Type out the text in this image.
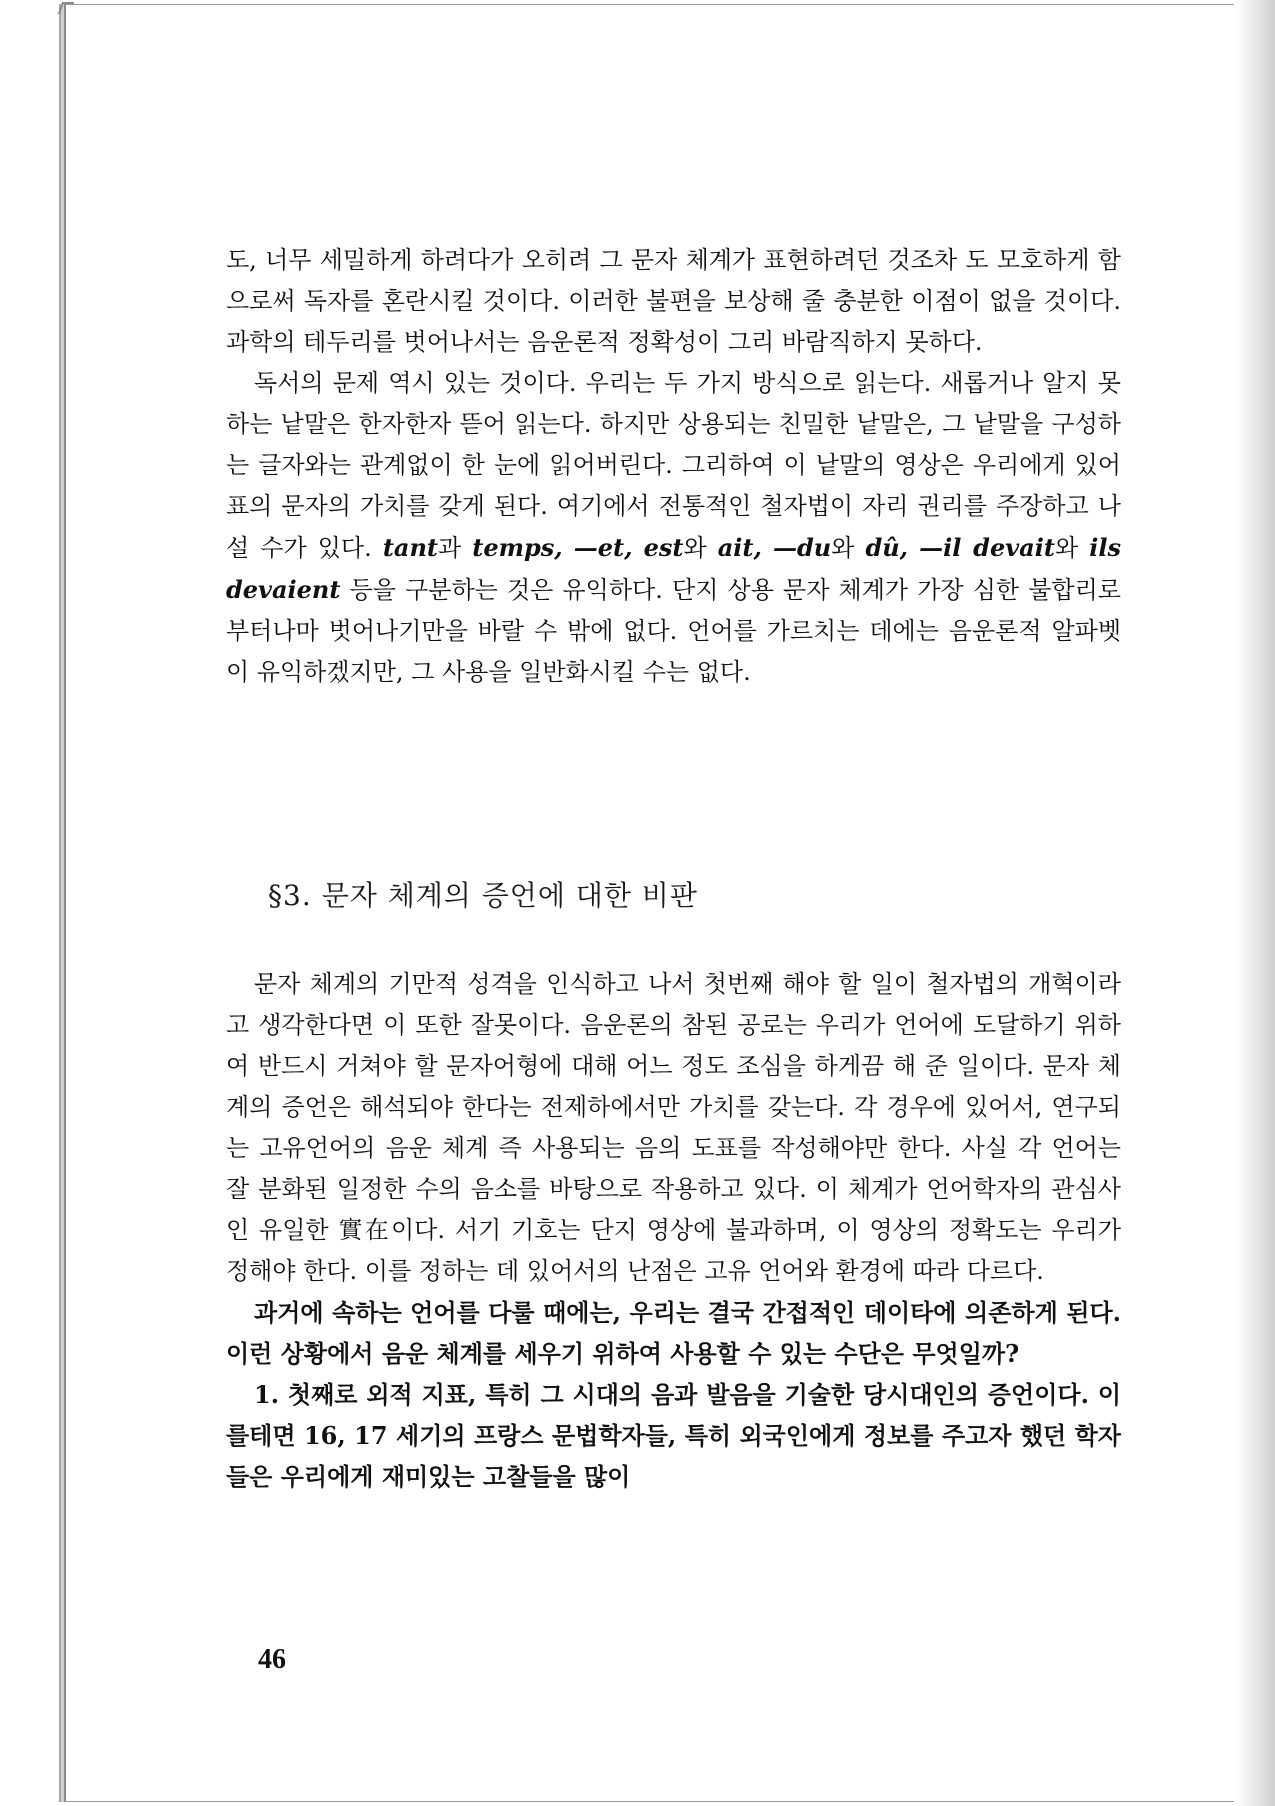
도, 너무 세밀하게 하려다가 오히려 그 문자 체계가 표현하려던 것조차 도 모호하게 함으로써 독자를 혼란시킬 것이다. 이러한 불편을 보상해 줄 충분한 이점이 없을 것이다. 과학의 테두리를 벗어나서는 음운론적 정확성이 그리 바람직하지 못하다.

독서의 문제 역시 있는 것이다. 우리는 두 가지 방식으로 읽는다. 새롭거나 알지 못하는 낱말은 한자한자 뜯어 읽는다. 하지만 상용되는 친밀한 낱말은, 그 낱말을 구성하는 글자와는 관계없이 한 눈에 읽어버린다. 그리하여 이 낱말의 영상은 우리에게 있어 표의 문자의 가치를 갖게 된다. 여기에서 전통적인 철자법이 자리 권리를 주장하고 나설 수가 있다. tant과 temps, —et, est와 ait, —du와 dû, —il devait와 ils devaient 등을 구분하는 것은 유익하다. 단지 상용 문자 체계가 가장 심한 불합리로부터나마 벗어나기만을 바랄 수 밖에 없다. 언어를 가르치는 데에는 음운론적 알파벳이 유익하겠지만, 그 사용을 일반화시킬 수는 없다.

§3. 문자 체계의 증언에 대한 비판

문자 체계의 기만적 성격을 인식하고 나서 첫번째 해야 할 일이 철자법의 개혁이라고 생각한다면 이 또한 잘못이다. 음운론의 참된 공로는 우리가 언어에 도달하기 위하여 반드시 거쳐야 할 문자어형에 대해 어느 정도 조심을 하게끔 해 준 일이다. 문자 체계의 증언은 해석되야 한다는 전제하에서만 가치를 갖는다. 각 경우에 있어서, 연구되는 고유언어의 음운 체계 즉 사용되는 음의 도표를 작성해야만 한다. 사실 각 언어는 잘 분화된 일정한 수의 음소를 바탕으로 작용하고 있다. 이 체계가 언어학자의 관심사인 유일한 實在이다. 서기 기호는 단지 영상에 불과하며, 이 영상의 정확도는 우리가 정해야 한다. 이를 정하는 데 있어서의 난점은 고유 언어와 환경에 따라 다르다.

과거에 속하는 언어를 다룰 때에는, 우리는 결국 간접적인 데이타에 의존하게 된다. 이런 상황에서 음운 체계를 세우기 위하여 사용할 수 있는 수단은 무엇일까?

1. 첫째로 외적 지표, 특히 그 시대의 음과 발음을 기술한 당시대인의 증언이다. 이를테면 16, 17 세기의 프랑스 문법학자들, 특히 외국인에게 정보를 주고자 했던 학자들은 우리에게 재미있는 고찰들을 많이

46
